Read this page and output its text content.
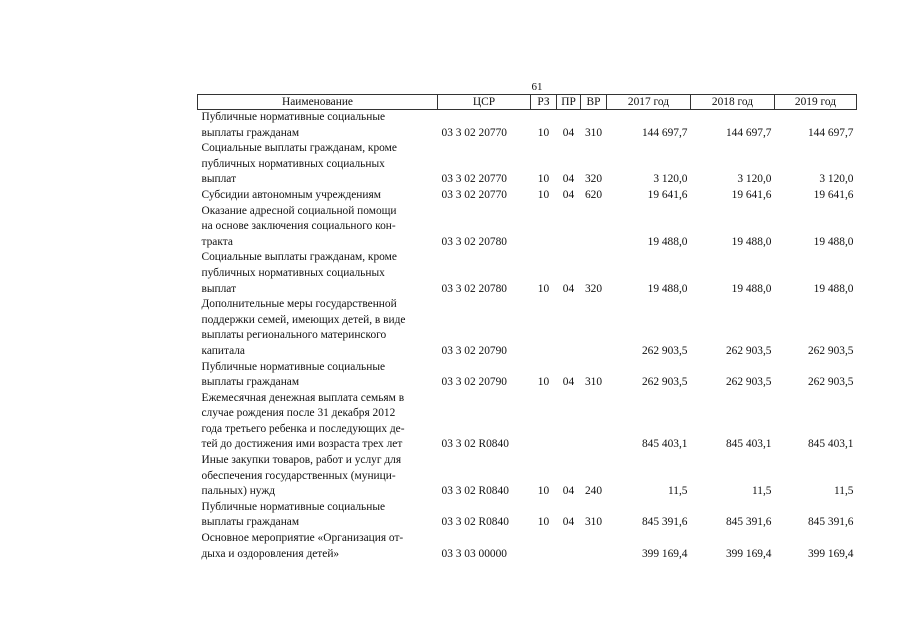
61
Наименование	ЦСР	РЗ	ПР	ВР	2017 год	2018 год	2019 год

Публичные нормативные социальные
выплаты гражданам	03 3 02 20770	10	04	310	144 697,7	144 697,7	144 697,7

Социальные выплаты гражданам, кроме
публичных нормативных социальных
выплат	03 3 02 20770	10	04	320	3 120,0	3 120,0	3 120,0

Субсидии автономным учреждениям	03 3 02 20770	10	04	620	19 641,6	19 641,6	19 641,6

Оказание адресной социальной помощи
на основе заключения социального кон-
тракта	03 3 02 20780				19 488,0	19 488,0	19 488,0

Социальные выплаты гражданам, кроме
публичных нормативных социальных
выплат	03 3 02 20780	10	04	320	19 488,0	19 488,0	19 488,0

Дополнительные меры государственной
поддержки семей, имеющих детей, в виде
выплаты регионального материнского
капитала	03 3 02 20790				262 903,5	262 903,5	262 903,5

Публичные нормативные социальные
выплаты гражданам	03 3 02 20790	10	04	310	262 903,5	262 903,5	262 903,5

Ежемесячная денежная выплата семьям в
случае рождения после 31 декабря 2012
года третьего ребенка и последующих де-
тей до достижения ими возраста трех лет	03 3 02 R0840				845 403,1	845 403,1	845 403,1

Иные закупки товаров, работ и услуг для
обеспечения государственных (муници-
пальных) нужд	03 3 02 R0840	10	04	240	11,5	11,5	11,5

Публичные нормативные социальные
выплаты гражданам	03 3 02 R0840	10	04	310	845 391,6	845 391,6	845 391,6

Основное мероприятие «Организация от-
дыха и оздоровления детей»	03 3 03 00000				399 169,4	399 169,4	399 169,4
